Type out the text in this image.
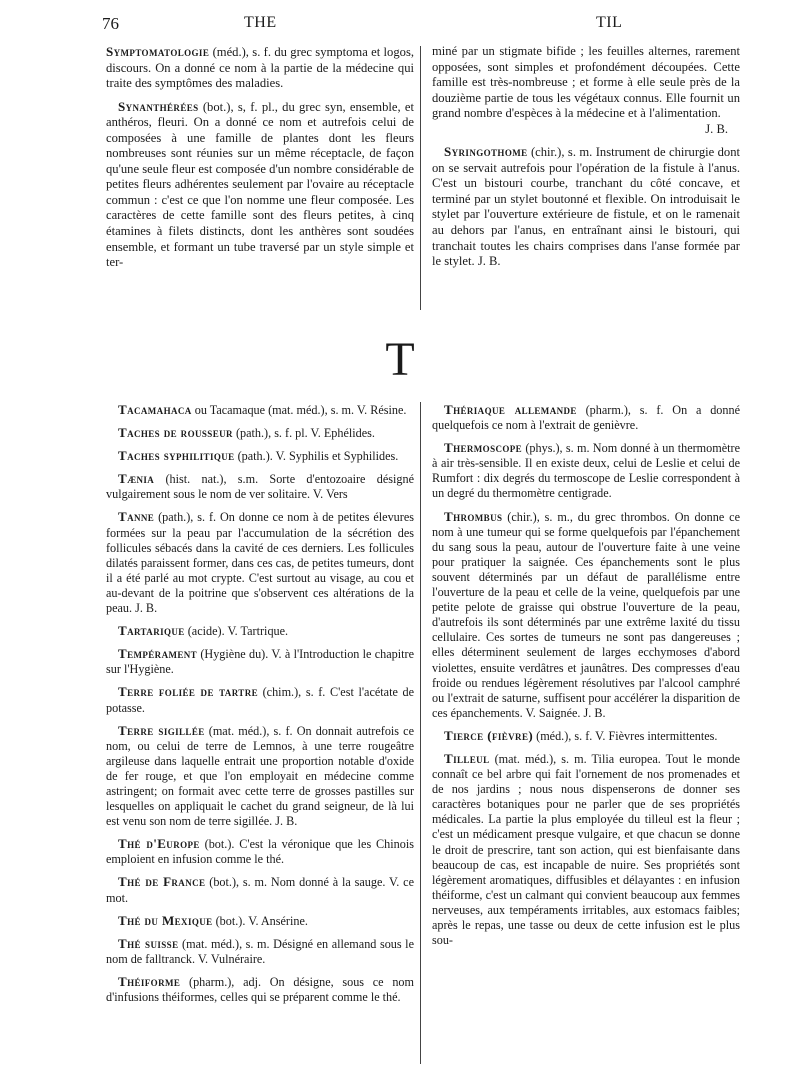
76	THE	TIL

Symptomatologie (méd.), s. f. du grec symptoma et logos, discours. On a donné ce nom à la partie de la médecine qui traite des symptômes des maladies.

Synanthérées (bot.), s, f. pl., du grec syn, ensemble, et anthéros, fleuri. On a donné ce nom et autrefois celui de composées à une famille de plantes dont les fleurs nombreuses sont réunies sur un même réceptacle, de façon qu'une seule fleur est composée d'un nombre considérable de petites fleurs adhérentes seulement par l'ovaire au réceptacle commun : c'est ce que l'on nomme une fleur composée. Les caractères de cette famille sont des fleurs petites, à cinq étamines à filets distincts, dont les anthères sont soudées ensemble, et formant un tube traversé par un style simple et ter-

miné par un stigmate bifide ; les feuilles alternes, rarement opposées, sont simples et profondément découpées. Cette famille est très-nombreuse ; et forme à elle seule près de la douzième partie de tous les végétaux connus. Elle fournit un grand nombre d'espèces à la médecine et à l'alimentation.
J. B.

Syringothome (chir.), s. m. Instrument de chirurgie dont on se servait autrefois pour l'opération de la fistule à l'anus. C'est un bistouri courbe, tranchant du côté concave, et terminé par un stylet boutonné et flexible. On introduisait le stylet par l'ouverture extérieure de fistule, et on le ramenait au dehors par l'anus, en entraînant ainsi le bistouri, qui tranchait toutes les chairs comprises dans l'anse formée par le stylet. J. B.

T

Tacamahaca ou Tacamaque (mat. méd.), s. m. V. Résine.

Taches de rousseur (path.), s. f. pl. V. Ephélides.

Taches syphilitique (path.). V. Syphilis et Syphilides.

Tænia (hist. nat.), s.m. Sorte d'entozoaire désigné vulgairement sous le nom de ver solitaire. V. Vers

Tanne (path.), s. f. On donne ce nom à de petites élevures formées sur la peau par l'accumulation de la sécrétion des follicules sébacés dans la cavité de ces derniers. Les follicules dilatés paraissent former, dans ces cas, de petites tumeurs, dont il a été parlé au mot crypte. C'est surtout au visage, au cou et au-devant de la poitrine que s'observent ces altérations de la peau. J. B.

Tartarique (acide). V. Tartrique.

Tempérament (Hygiène du). V. à l'Introduction le chapitre sur l'Hygiène.

Terre foliée de tartre (chim.), s. f. C'est l'acétate de potasse.

Terre sigillée (mat. méd.), s. f. On donnait autrefois ce nom, ou celui de terre de Lemnos, à une terre rougeâtre argileuse dans laquelle entrait une proportion notable d'oxide de fer rouge, et que l'on employait en médecine comme astringent; on formait avec cette terre de grosses pastilles sur lesquelles on appliquait le cachet du grand seigneur, de là lui est venu son nom de terre sigillée. J. B.

Thé d'Europe (bot.). C'est la véronique que les Chinois emploient en infusion comme le thé.

Thé de France (bot.), s. m. Nom donné à la sauge. V. ce mot.

Thé du Mexique (bot.). V. Ansérine.

Thé suisse (mat. méd.), s. m. Désigné en allemand sous le nom de falltranck. V. Vulnéraire.

Théiforme (pharm.), adj. On désigne, sous ce nom d'infusions théiformes, celles qui se préparent comme le thé.

Thériaque allemande (pharm.), s. f. On a donné quelquefois ce nom à l'extrait de genièvre.

Thermoscope (phys.), s. m. Nom donné à un thermomètre à air très-sensible. Il en existe deux, celui de Leslie et celui de Rumfort : dix degrés du termoscope de Leslie correspondent à un degré du thermomètre centigrade.

Thrombus (chir.), s. m., du grec thrombos. On donne ce nom à une tumeur qui se forme quelquefois par l'épanchement du sang sous la peau, autour de l'ouverture faite à une veine pour pratiquer la saignée. Ces épanchements sont le plus souvent déterminés par un défaut de parallélisme entre l'ouverture de la peau et celle de la veine, quelquefois par une petite pelote de graisse qui obstrue l'ouverture de la peau, d'autrefois ils sont déterminés par une extrême laxité du tissu cellulaire. Ces sortes de tumeurs ne sont pas dangereuses ; elles déterminent seulement de larges ecchymoses d'abord violettes, ensuite verdâtres et jaunâtres. Des compresses d'eau froide ou rendues légèrement résolutives par l'alcool camphré ou l'extrait de saturne, suffisent pour accélérer la disparition de ces épanchements. V. Saignée. J. B.

Tierce (fièvre) (méd.), s. f. V. Fièvres intermittentes.

Tilleul (mat. méd.), s. m. Tilia europea. Tout le monde connaît ce bel arbre qui fait l'ornement de nos promenades et de nos jardins ; nous nous dispenserons de donner ses caractères botaniques pour ne parler que de ses propriétés médicales. La partie la plus employée du tilleul est la fleur ; c'est un médicament presque vulgaire, et que chacun se donne le droit de prescrire, tant son action, qui est bienfaisante dans beaucoup de cas, est incapable de nuire. Ses propriétés sont légèrement aromatiques, diffusibles et délayantes : en infusion théiforme, c'est un calmant qui convient beaucoup aux femmes nerveuses, aux tempéraments irritables, aux estomacs faibles; après le repas, une tasse ou deux de cette infusion est le plus sou-
